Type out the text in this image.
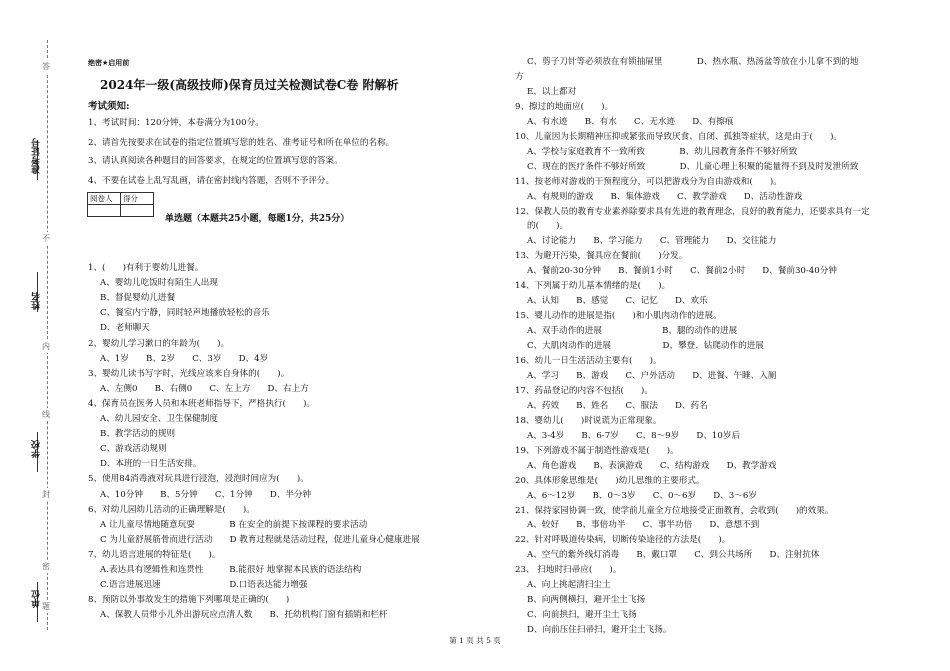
准考证号
姓名
学校
单位
答
不
内
线
封
密
题
绝密★启用前
2024年一级(高级技师)保育员过关检测试卷C卷 附解析
考试须知:
1、考试时间：120分钟，本卷满分为100分。
2、请首先按要求在试卷的指定位置填写您的姓名、准考证号和所在单位的名称。
3、请认真阅读各种题目的回答要求，在规定的位置填写您的答案。
4、不要在试卷上乱写乱画，请在密封线内答题，否则不予评分。
阅卷人	得分

单选题（本题共25小题，每题1分，共25分）
1、(　　)有利于婴幼儿进餐。
A、婴幼儿吃饭时有陌生人出现
B、督促婴幼儿进餐
C、餐室内宁静，同时轻声地播放轻松的音乐
D、老师聊天
2、婴幼儿学习漱口的年龄为(　　)。
A、1岁　　B、2岁　　C、3岁　　D、4岁
3、婴幼儿读书写字时，光线应该来自身体的(　　)。
A、左侧0　　B、右侧0　　C、左上方　　D、右上方
4、保育员在医务人员和本班老师指导下，严格执行(　　)。
A、幼儿园安全、卫生保健制度
B、教学活动的规则
C、游戏活动规则
D、本班的一日生活安排。
5、使用84消毒液对玩具进行浸泡，浸泡时间应为(　　)。
A、10分钟　　B、5分钟　　C、1分钟　　D、半分钟
6、对幼儿园幼儿活动的正确理解是(　　)。
A 让儿童尽情地随意玩耍　　　　B 在安全的前提下按课程的要求活动
C 为儿童舒展筋骨而进行活动　　D 教育过程就是活动过程，促进儿童身心健康进展
7、幼儿语言进展的特征是(　　)。
A.表达具有逻辑性和连贯性　　　B.能很好 地掌握本民族的语法结构
C.语言进展迅速　　　　　　　　D.口语表达能力增强
8、预防以外事故发生的措施下列哪项是正确的(　　)
A、保教人员带小儿外出游玩应点清人数　　B、托幼机构门窗有插销和栏杆
C、剪子刀针等必须放在有锁抽屉里　　　　D、热水瓶、热汤盆等放在小儿拿不到的地
方
E、以上都对
9、擦过的地面应(　　)。
A、有水迹　　B、有水　　C、无水迹　　D、有擦痕
10、儿童因为长期精神压抑或紧张而导致厌食、自闭、孤独等症状，这是由于(　　)。
A、学校与家庭教育不一致所致　　　　B、幼儿园教育条件不够好所致
C、现在的医疗条件不够好所致　　　　D、儿童心理上积聚的能量得不到及时发泄所致
11、按老师对游戏的干预程度分，可以把游戏分为自由游戏和(　　)。
A、有规则的游戏　　B、集体游戏　　C、教学游戏　　D、活动性游戏
12、保教人员的教育专业素养除要求具有先进的教育理念，良好的教育能力，还要求具有一定
的(　　)。
A、讨论能力　　B、学习能力　　C、管理能力　　D、交往能力
13、为避开污染，餐具应在餐前(　　)分发。
A、餐前20-30分钟　　B、餐前1小时　　C、餐前2小时　　D、餐前30-40分钟
14、下列属于幼儿基本情绪的是(　　)。
A、认知　　B、感觉　　C、记忆　　D、欢乐
15、婴儿动作的进展是指(　　)和小肌肉动作的进展。
A、双手动作的进展　　　　　　　B、腿的动作的进展
C、大肌肉动作的进展　　　　　　D、攀登、钻爬动作的进展
16、幼儿一日生活活动主要有(　　)。
A、学习　　B、游戏　　C、户外活动　　D、进餐、午睡、入厕
17、药品登记的内容不包括(　　)。
A、药效　　B、姓名　　C、服法　　D、药名
18、婴幼儿(　　)时说谎为正常现象。
A、3-4岁　　B、6-7岁　　C、8～9岁　　D、10岁后
19、下列游戏不属于制造性游戏是(　　)。
A、角色游戏　　B、表演游戏　　C、结构游戏　　D、教学游戏
20、具体形象思维是(　　)幼儿思维的主要形式。
A、6～12岁　　B、0～3岁　　C、0～6岁　　D、3～6岁
21、保持家园协调一致，使学前儿童全方位地接受正面教育，会收到(　　)的效果。
A、较好　　B、事倍功半　　C、事半功倍　　D、意想不到
22、针对呼吸道传染病，切断传染途径的方法是(　　)。
A、空气的紫外线灯消毒　　B、戴口罩　　C、到公共场所　　D、注射抗体
23、 扫地时扫帚应(　　)。
A、向上挑起清扫尘土
B、向两侧横扫，避开尘土飞扬
C、向前拱扫，避开尘土飞扬
D、向前压住扫帚扫，避开尘土飞扬。
第 1 页 共 5 页
